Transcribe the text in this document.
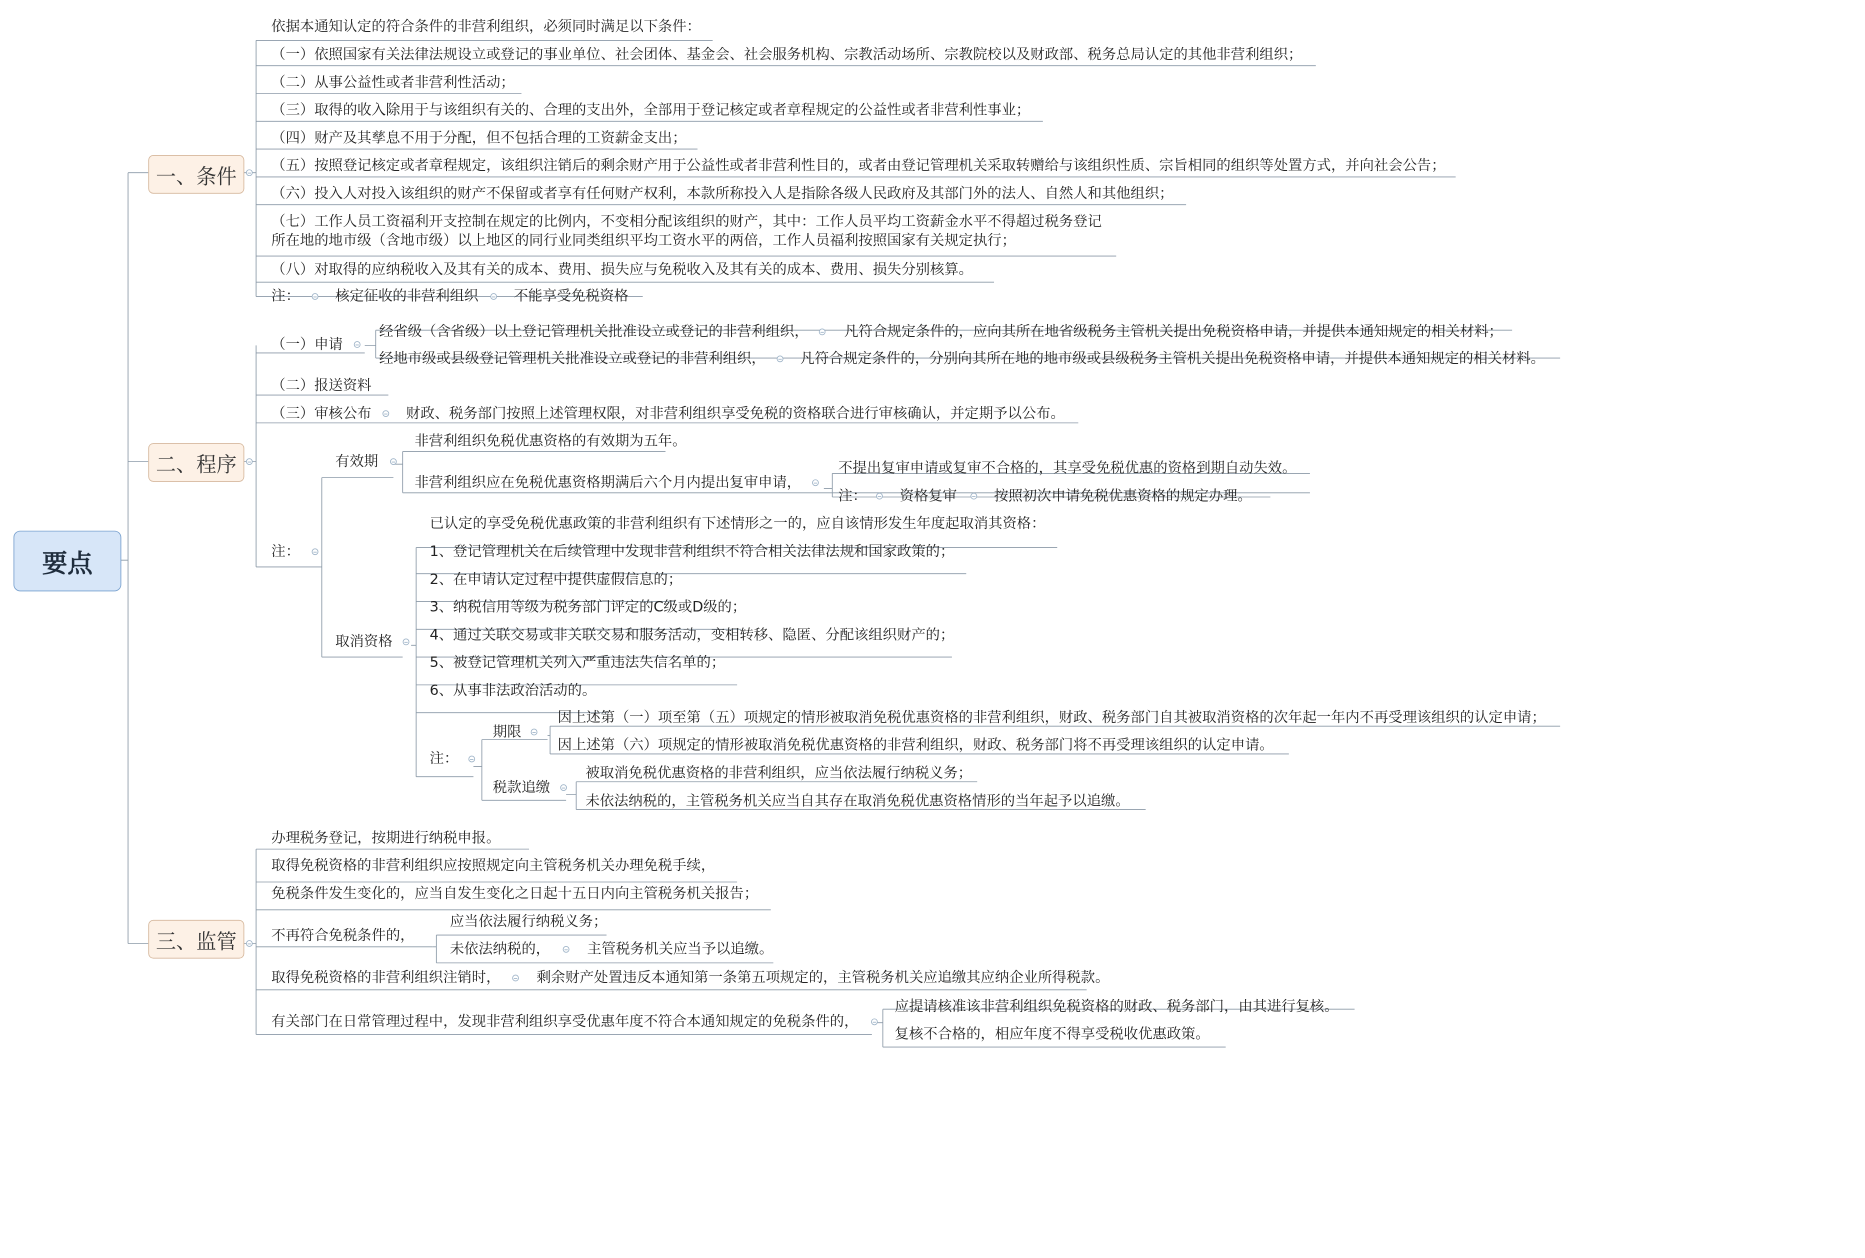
要点
一、条件
依据本通知认定的符合条件的非营利组织，必须同时满足以下条件：
（一）依照国家有关法律法规设立或登记的事业单位、社会团体、基金会、社会服务机构、宗教活动场所、宗教院校以及财政部、税务总局认定的其他非营利组织；
（二）从事公益性或者非营利性活动；
（三）取得的收入除用于与该组织有关的、合理的支出外，全部用于登记核定或者章程规定的公益性或者非营利性事业；
（四）财产及其孳息不用于分配，但不包括合理的工资薪金支出；
（五）按照登记核定或者章程规定，该组织注销后的剩余财产用于公益性或者非营利性目的，或者由登记管理机关采取转赠给与该组织性质、宗旨相同的组织等处置方式，并向社会公告；
（六）投入人对投入该组织的财产不保留或者享有任何财产权利，本款所称投入人是指除各级人民政府及其部门外的法人、自然人和其他组织；
（七）工作人员工资福利开支控制在规定的比例内，不变相分配该组织的财产，其中：工作人员平均工资薪金水平不得超过税务登记
所在地的地市级（含地市级）以上地区的同行业同类组织平均工资水平的两倍，工作人员福利按照国家有关规定执行；
（八）对取得的应纳税收入及其有关的成本、费用、损失应与免税收入及其有关的成本、费用、损失分别核算。
注： 核定征收的非营利组织 不能享受免税资格
二、程序
（一）申请
经省级（含省级）以上登记管理机关批准设立或登记的非营利组织， 凡符合规定条件的，应向其所在地省级税务主管机关提出免税资格申请，并提供本通知规定的相关材料；
经地市级或县级登记管理机关批准设立或登记的非营利组织， 凡符合规定条件的，分别向其所在地的地市级或县级税务主管机关提出免税资格申请，并提供本通知规定的相关材料。
（二）报送资料
（三）审核公布 财政、税务部门按照上述管理权限，对非营利组织享受免税的资格联合进行审核确认，并定期予以公布。
注：
有效期
非营利组织免税优惠资格的有效期为五年。
非营利组织应在免税优惠资格期满后六个月内提出复审申请，
不提出复审申请或复审不合格的，其享受免税优惠的资格到期自动失效。
注： 资格复审 按照初次申请免税优惠资格的规定办理。
取消资格
已认定的享受免税优惠政策的非营利组织有下述情形之一的，应自该情形发生年度起取消其资格：
1、登记管理机关在后续管理中发现非营利组织不符合相关法律法规和国家政策的；
2、在申请认定过程中提供虚假信息的；
3、纳税信用等级为税务部门评定的C级或D级的；
4、通过关联交易或非关联交易和服务活动，变相转移、隐匿、分配该组织财产的；
5、被登记管理机关列入严重违法失信名单的；
6、从事非法政治活动的。
注：
期限
因上述第（一）项至第（五）项规定的情形被取消免税优惠资格的非营利组织，财政、税务部门自其被取消资格的次年起一年内不再受理该组织的认定申请；
因上述第（六）项规定的情形被取消免税优惠资格的非营利组织，财政、税务部门将不再受理该组织的认定申请。
税款追缴
被取消免税优惠资格的非营利组织，应当依法履行纳税义务；
未依法纳税的，主管税务机关应当自其存在取消免税优惠资格情形的当年起予以追缴。
三、监管
办理税务登记，按期进行纳税申报。
取得免税资格的非营利组织应按照规定向主管税务机关办理免税手续，
免税条件发生变化的，应当自发生变化之日起十五日内向主管税务机关报告；
不再符合免税条件的，
应当依法履行纳税义务；
未依法纳税的， 主管税务机关应当予以追缴。
取得免税资格的非营利组织注销时， 剩余财产处置违反本通知第一条第五项规定的，主管税务机关应追缴其应纳企业所得税款。
有关部门在日常管理过程中，发现非营利组织享受优惠年度不符合本通知规定的免税条件的，
应提请核准该非营利组织免税资格的财政、税务部门，由其进行复核。
复核不合格的，相应年度不得享受税收优惠政策。
